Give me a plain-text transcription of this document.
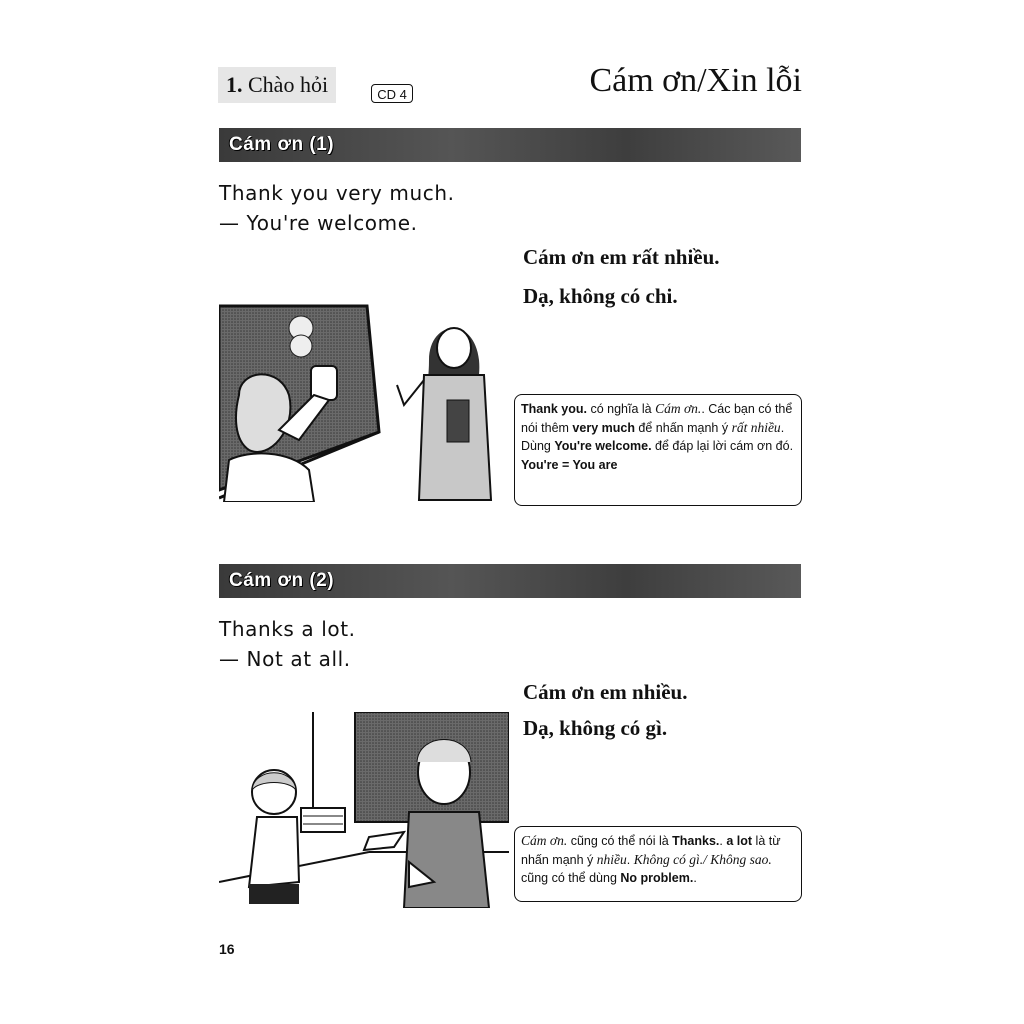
1. Chào hỏi	CD 4	Cám ơn/Xin lỗi
Cám ơn (1)
Thank you very much.
— You're welcome.
Cám ơn em rất nhiều.
Dạ, không có chi.
Thank you. có nghĩa là Cám ơn.. Các bạn có thể nói thêm very much để nhấn mạnh ý rất nhiều. Dùng You're welcome. để đáp lại lời cám ơn đó.
You're = You are
Cám ơn (2)
Thanks a lot.
— Not at all.
Cám ơn em nhiều.
Dạ, không có gì.
Cám ơn. cũng có thể nói là Thanks.. a lot là từ nhấn mạnh ý nhiều. Không có gì./ Không sao. cũng có thể dùng No problem..
16
